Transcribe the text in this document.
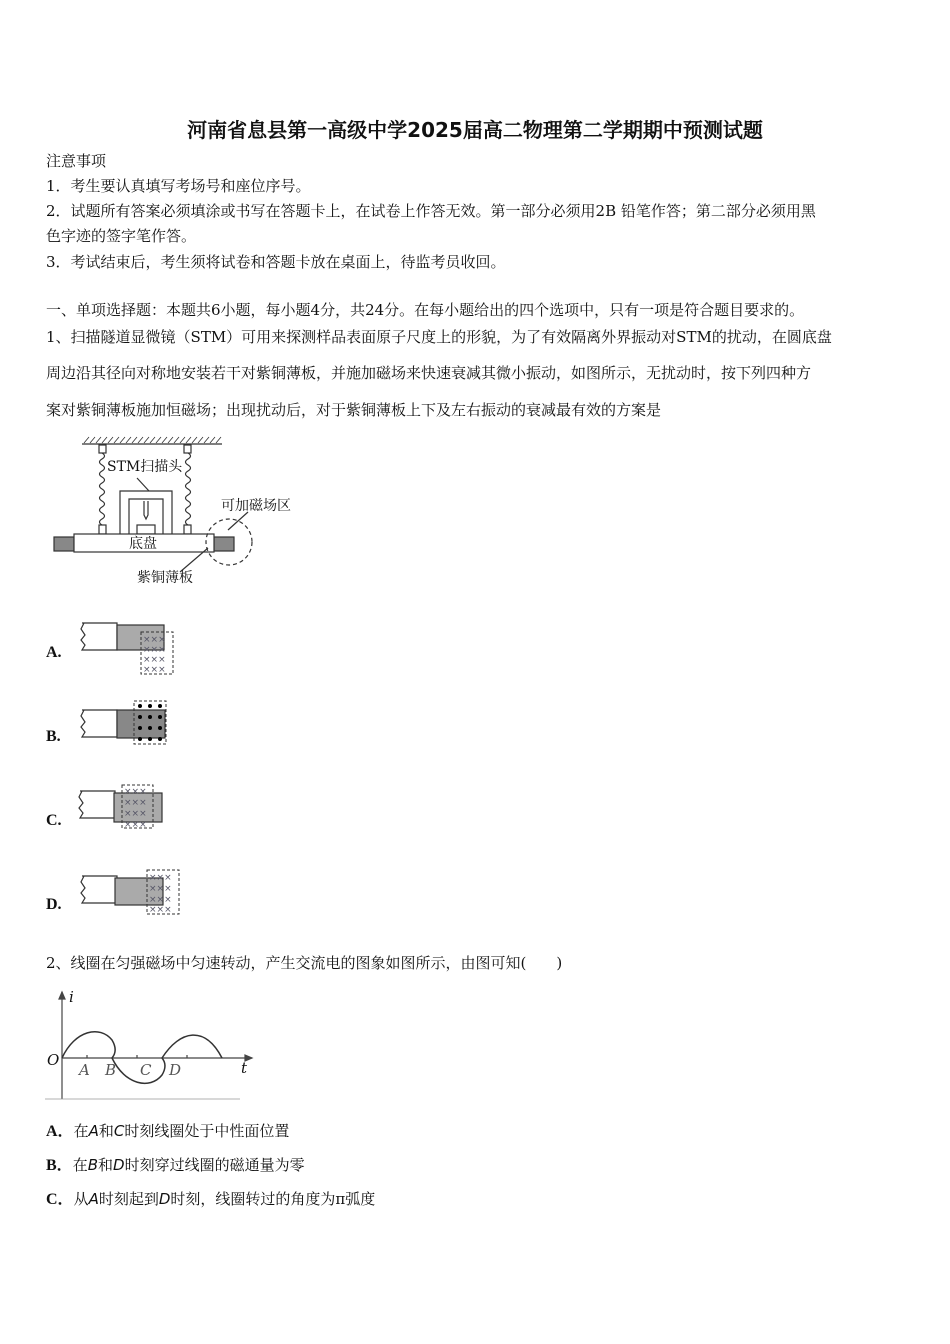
河南省息县第一高级中学2025届高二物理第二学期期中预测试题
注意事项
1．考生要认真填写考场号和座位序号。
2．试题所有答案必须填涂或书写在答题卡上，在试卷上作答无效。第一部分必须用2B 铅笔作答；第二部分必须用黑
色字迹的签字笔作答。
3．考试结束后，考生须将试卷和答题卡放在桌面上，待监考员收回。
一、单项选择题：本题共6小题，每小题4分，共24分。在每小题给出的四个选项中，只有一项是符合题目要求的。
1、扫描隧道显微镜（STM）可用来探测样品表面原子尺度上的形貌，为了有效隔离外界振动对STM的扰动，在圆底盘
周边沿其径向对称地安装若干对紫铜薄板，并施加磁场来快速衰减其微小振动，如图所示，无扰动时，按下列四种方
案对紫铜薄板施加恒磁场；出现扰动后，对于紫铜薄板上下及左右振动的衰减最有效的方案是
STM扫描头
可加磁场区
底盘
紫铜薄板
×××
×××
×××
×××
×××
×××
×××
×××
×××
×××
×××
×××
A.
B.
C.
D.
2、线圈在匀强磁场中匀速转动，产生交流电的图象如图所示，由图可知(　　)
i
t
O
A B C D
A．在A和C时刻线圈处于中性面位置
B．在B和D时刻穿过线圈的磁通量为零
C．从A时刻起到D时刻，线圈转过的角度为π弧度
